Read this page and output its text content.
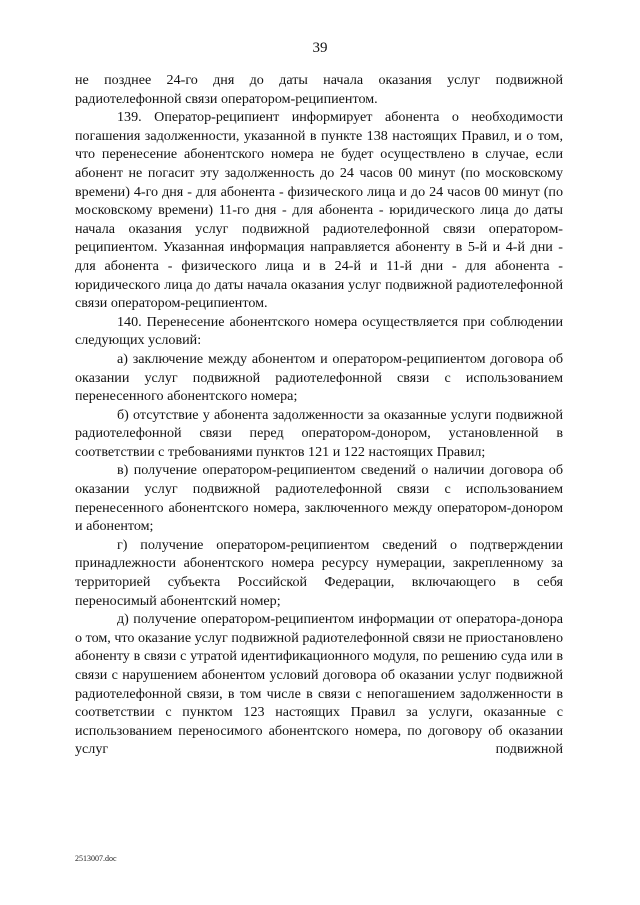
39

не позднее 24-го дня до даты начала оказания услуг подвижной радиотелефонной связи оператором-реципиентом.

139. Оператор-реципиент информирует абонента о необходимости погашения задолженности, указанной в пункте 138 настоящих Правил, и о том, что перенесение абонентского номера не будет осуществлено в случае, если абонент не погасит эту задолженность до 24 часов 00 минут (по московскому времени) 4-го дня - для абонента - физического лица и до 24 часов 00 минут (по московскому времени) 11-го дня - для абонента - юридического лица до даты начала оказания услуг подвижной радиотелефонной связи оператором-реципиентом. Указанная информация направляется абоненту в 5-й и 4-й дни - для абонента - физического лица и в 24-й и 11-й дни - для абонента - юридического лица до даты начала оказания услуг подвижной радиотелефонной связи оператором-реципиентом.

140. Перенесение абонентского номера осуществляется при соблюдении следующих условий:

а) заключение между абонентом и оператором-реципиентом договора об оказании услуг подвижной радиотелефонной связи с использованием перенесенного абонентского номера;

б) отсутствие у абонента задолженности за оказанные услуги подвижной радиотелефонной связи перед оператором-донором, установленной в соответствии с требованиями пунктов 121 и 122 настоящих Правил;

в) получение оператором-реципиентом сведений о наличии договора об оказании услуг подвижной радиотелефонной связи с использованием перенесенного абонентского номера, заключенного между оператором-донором и абонентом;

г) получение оператором-реципиентом сведений о подтверждении принадлежности абонентского номера ресурсу нумерации, закрепленному за территорией субъекта Российской Федерации, включающего в себя переносимый абонентский номер;

д) получение оператором-реципиентом информации от оператора-донора о том, что оказание услуг подвижной радиотелефонной связи не приостановлено абоненту в связи с утратой идентификационного модуля, по решению суда или в связи с нарушением абонентом условий договора об оказании услуг подвижной радиотелефонной связи, в том числе в связи с непогашением задолженности в соответствии с пунктом 123 настоящих Правил за услуги, оказанные с использованием переносимого абонентского номера, по договору об оказании услуг подвижной

2513007.doc
